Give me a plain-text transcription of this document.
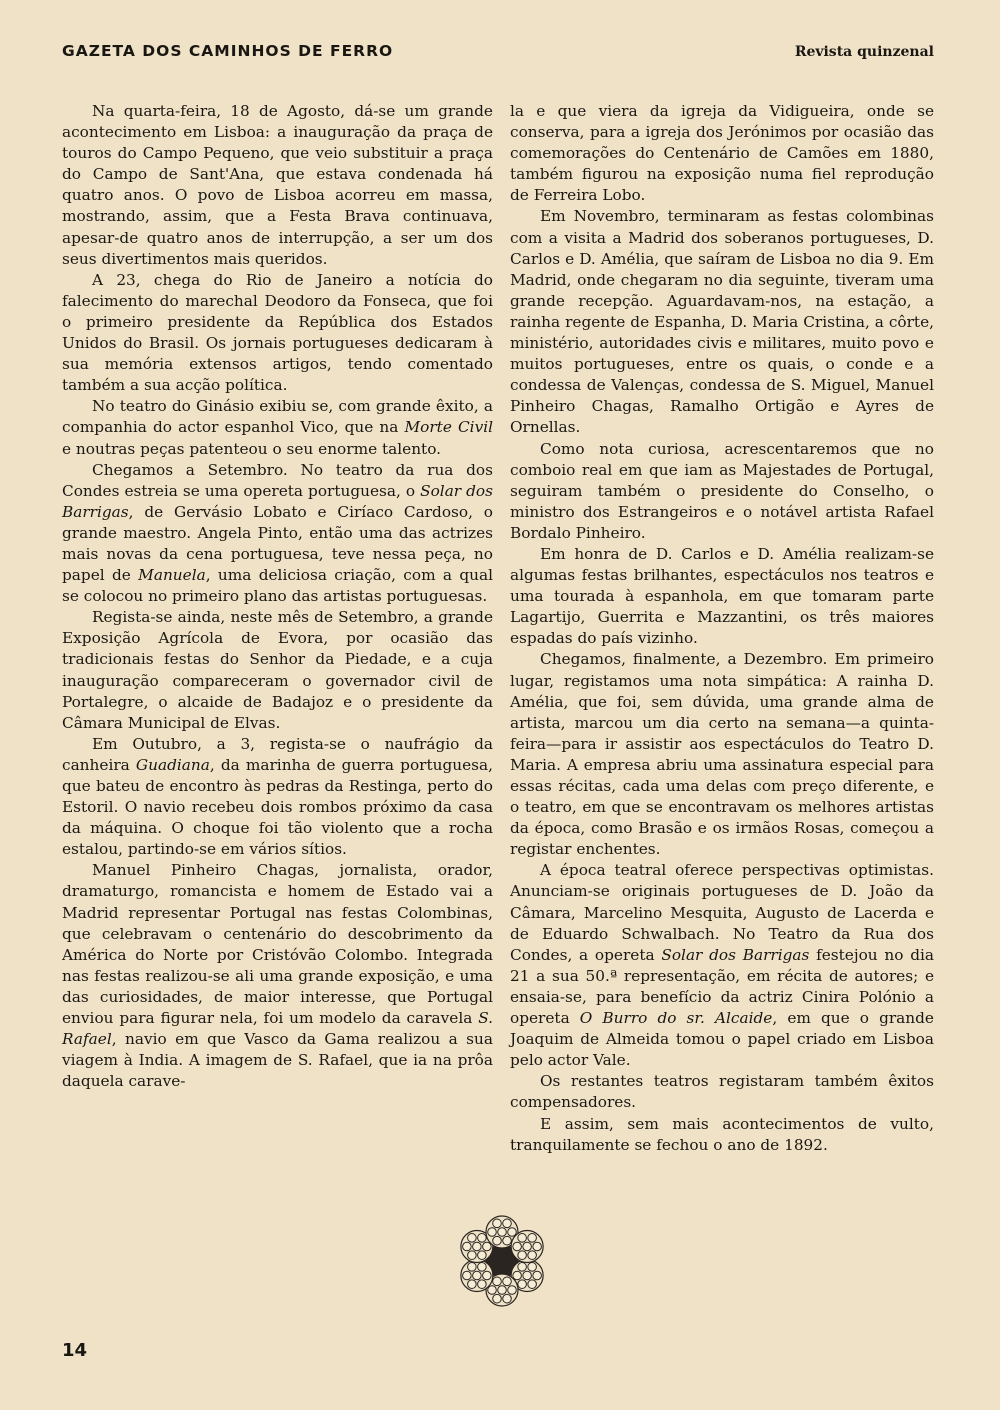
GAZETA DOS CAMINHOS DE FERRO	Revista quinzenal

Na quarta-feira, 18 de Agosto, dá-se um grande acontecimento em Lisboa: a inauguração da praça de touros do Campo Pequeno, que veio substituir a praça do Campo de Sant'Ana, que estava condenada há quatro anos. O povo de Lisboa acorreu em massa, mostrando, assim, que a Festa Brava continuava, apesar-de quatro anos de interrupção, a ser um dos seus divertimentos mais queridos.

A 23, chega do Rio de Janeiro a notícia do falecimento do marechal Deodoro da Fonseca, que foi o primeiro presidente da República dos Estados Unidos do Brasil. Os jornais portugueses dedicaram à sua memória extensos artigos, tendo comentado também a sua acção política.

No teatro do Ginásio exibiu se, com grande êxito, a companhia do actor espanhol Vico, que na Morte Civil e noutras peças patenteou o seu enorme talento.

Chegamos a Setembro. No teatro da rua dos Condes estreia se uma opereta portuguesa, o Solar dos Barrigas, de Gervásio Lobato e Ciríaco Cardoso, o grande maestro. Angela Pinto, então uma das actrizes mais novas da cena portuguesa, teve nessa peça, no papel de Manuela, uma deliciosa criação, com a qual se colocou no primeiro plano das artistas portuguesas.

Regista-se ainda, neste mês de Setembro, a grande Exposição Agrícola de Evora, por ocasião das tradicionais festas do Senhor da Piedade, e a cuja inauguração compareceram o governador civil de Portalegre, o alcaide de Badajoz e o presidente da Câmara Municipal de Elvas.

Em Outubro, a 3, regista-se o naufrágio da canheira Guadiana, da marinha de guerra portuguesa, que bateu de encontro às pedras da Restinga, perto do Estoril. O navio recebeu dois rombos próximo da casa da máquina. O choque foi tão violento que a rocha estalou, partindo-se em vários sítios.

Manuel Pinheiro Chagas, jornalista, orador, dramaturgo, romancista e homem de Estado vai a Madrid representar Portugal nas festas Colombinas, que celebravam o centenário do descobrimento da América do Norte por Cristóvão Colombo. Integrada nas festas realizou-se ali uma grande exposição, e uma das curiosidades, de maior interesse, que Portugal enviou para figurar nela, foi um modelo da caravela S. Rafael, navio em que Vasco da Gama realizou a sua viagem à India. A imagem de S. Rafael, que ia na prôa daquela carave-

la e que viera da igreja da Vidigueira, onde se conserva, para a igreja dos Jerónimos por ocasião das comemorações do Centenário de Camões em 1880, também figurou na exposição numa fiel reprodução de Ferreira Lobo.

Em Novembro, terminaram as festas colombinas com a visita a Madrid dos soberanos portugueses, D. Carlos e D. Amélia, que saíram de Lisboa no dia 9. Em Madrid, onde chegaram no dia seguinte, tiveram uma grande recepção. Aguardavam-nos, na estação, a rainha regente de Espanha, D. Maria Cristina, a côrte, ministério, autoridades civis e militares, muito povo e muitos portugueses, entre os quais, o conde e a condessa de Valenças, condessa de S. Miguel, Manuel Pinheiro Chagas, Ramalho Ortigão e Ayres de Ornellas.

Como nota curiosa, acrescentaremos que no comboio real em que iam as Majestades de Portugal, seguiram também o presidente do Conselho, o ministro dos Estrangeiros e o notável artista Rafael Bordalo Pinheiro.

Em honra de D. Carlos e D. Amélia realizam-se algumas festas brilhantes, espectáculos nos teatros e uma tourada à espanhola, em que tomaram parte Lagartijo, Guerrita e Mazzantini, os três maiores espadas do país vizinho.

Chegamos, finalmente, a Dezembro. Em primeiro lugar, registamos uma nota simpática: A rainha D. Amélia, que foi, sem dúvida, uma grande alma de artista, marcou um dia certo na semana—a quinta-feira—para ir assistir aos espectáculos do Teatro D. Maria. A empresa abriu uma assinatura especial para essas récitas, cada uma delas com preço diferente, e o teatro, em que se encontravam os melhores artistas da época, como Brasão e os irmãos Rosas, começou a registar enchentes.

A época teatral oferece perspectivas optimistas. Anunciam-se originais portugueses de D. João da Câmara, Marcelino Mesquita, Augusto de Lacerda e de Eduardo Schwalbach. No Teatro da Rua dos Condes, a opereta Solar dos Barrigas festejou no dia 21 a sua 50.ª representação, em récita de autores; e ensaia-se, para benefício da actriz Cinira Polónio a opereta O Burro do sr. Alcaide, em que o grande Joaquim de Almeida tomou o papel criado em Lisboa pelo actor Vale.

Os restantes teatros registaram também êxitos compensadores.

E assim, sem mais acontecimentos de vulto, tranquilamente se fechou o ano de 1892.

14
